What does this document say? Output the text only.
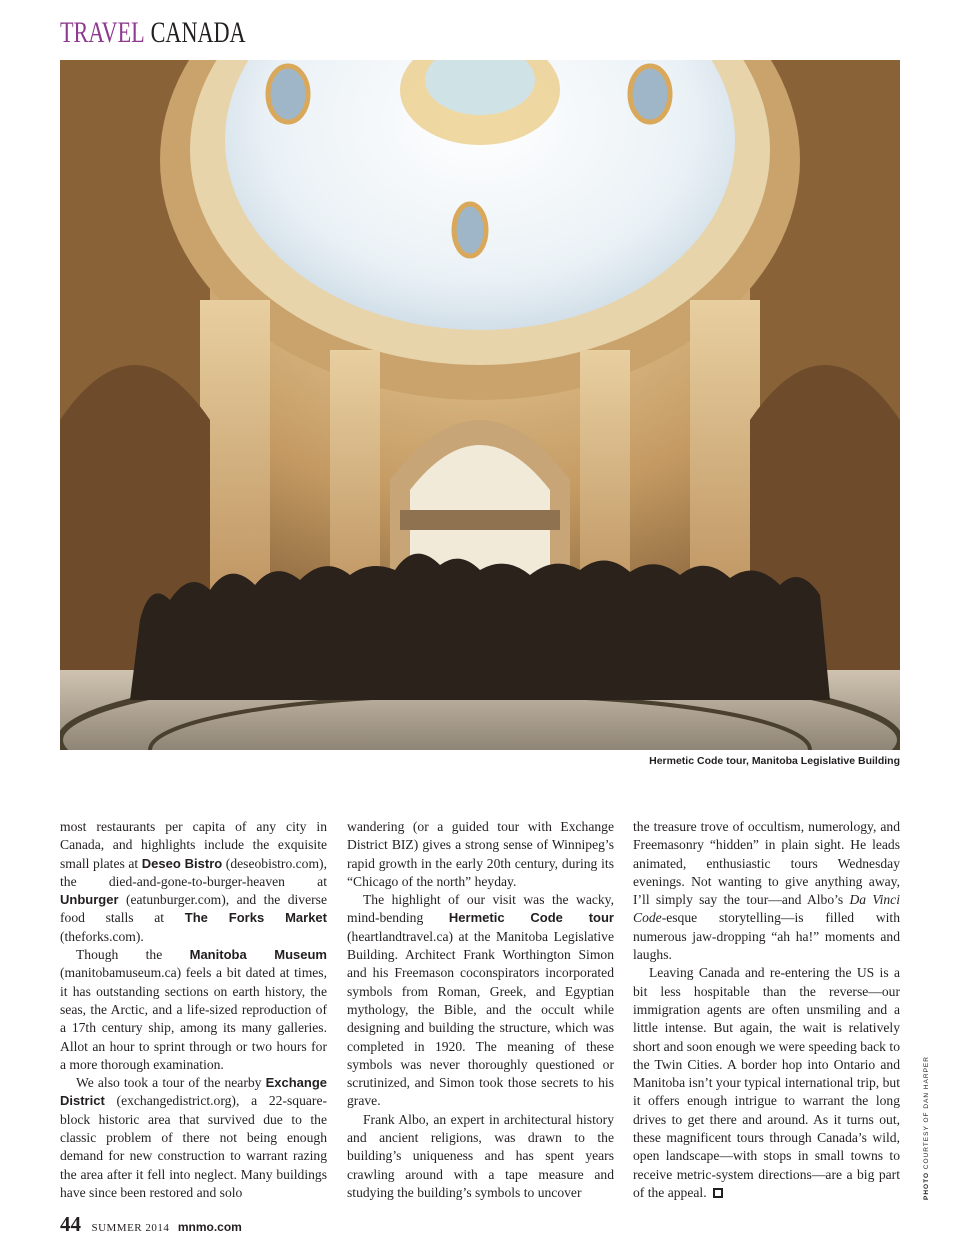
TRAVEL CANADA
Hermetic Code tour, Manitoba Legislative Building

most restaurants per capita of any city in Canada, and highlights include the exquisite small plates at Deseo Bistro (deseobistro.com), the died-and-gone-to-burger-heaven at Unburger (eatunburger.com), and the diverse food stalls at The Forks Market (theforks.com).

Though the Manitoba Museum (manitobamuseum.ca) feels a bit dated at times, it has outstanding sections on earth history, the seas, the Arctic, and a life-sized reproduction of a 17th century ship, among its many galleries. Allot an hour to sprint through or two hours for a more thorough examination.

We also took a tour of the nearby Exchange District (exchangedistrict.org), a 22-square-block historic area that survived due to the classic problem of there not being enough demand for new construction to warrant razing the area after it fell into neglect. Many buildings have since been restored and solo

wandering (or a guided tour with Exchange District BIZ) gives a strong sense of Winnipeg’s rapid growth in the early 20th century, during its “Chicago of the north” heyday.

The highlight of our visit was the wacky, mind-bending Hermetic Code tour (heartlandtravel.ca) at the Manitoba Legislative Building. Architect Frank Worthington Simon and his Freemason coconspirators incorporated symbols from Roman, Greek, and Egyptian mythology, the Bible, and the occult while designing and building the structure, which was completed in 1920. The meaning of these symbols was never thoroughly questioned or scrutinized, and Simon took those secrets to his grave.

Frank Albo, an expert in architectural history and ancient religions, was drawn to the building’s uniqueness and has spent years crawling around with a tape measure and studying the building’s symbols to uncover

the treasure trove of occultism, numerology, and Freemasonry “hidden” in plain sight. He leads animated, enthusiastic tours Wednesday evenings. Not wanting to give anything away, I’ll simply say the tour—and Albo’s Da Vinci Code-esque storytelling—is filled with numerous jaw-dropping “ah ha!” moments and laughs.

Leaving Canada and re-entering the US is a bit less hospitable than the reverse—our immigration agents are often unsmiling and a little intense. But again, the wait is relatively short and soon enough we were speeding back to the Twin Cities. A border hop into Ontario and Manitoba isn’t your typical international trip, but it offers enough intrigue to warrant the long drives to get there and around. As it turns out, these magnificent tours through Canada’s wild, open landscape—with stops in small towns to receive metric-system directions—are a big part of the appeal.	PHOTO COURTESY OF DAN HARPER
44 SUMMER 2014 mnmo.com
